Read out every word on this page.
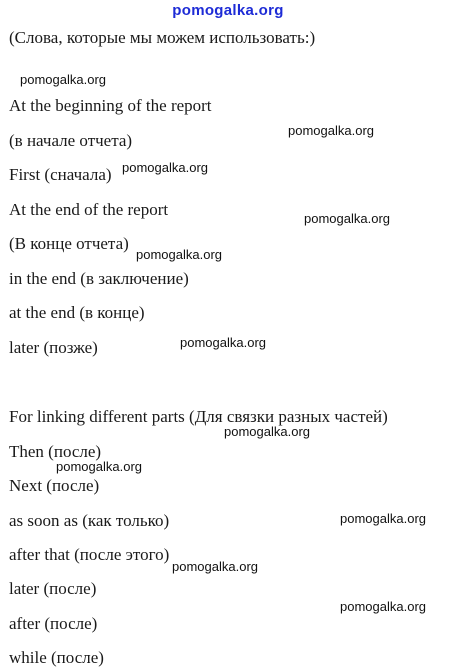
pomogalka.org
(Слова, которые мы можем использовать:)
pomogalka.org
At the beginning of the report
pomogalka.org
(в начале отчета)
pomogalka.org
First (сначала)
At the end of the report	pomogalka.org
(В конце отчета)
pomogalka.org
in the end (в заключение)
at the end (в конце)
pomogalka.org
later (позже)
For linking different parts (Для связки разных частей)
pomogalka.org
Then (после)
pomogalka.org
Next (после)
pomogalka.org
as soon as (как только)
after that (после этого)
pomogalka.org
later (после)
pomogalka.org
after (после)
while (после)
